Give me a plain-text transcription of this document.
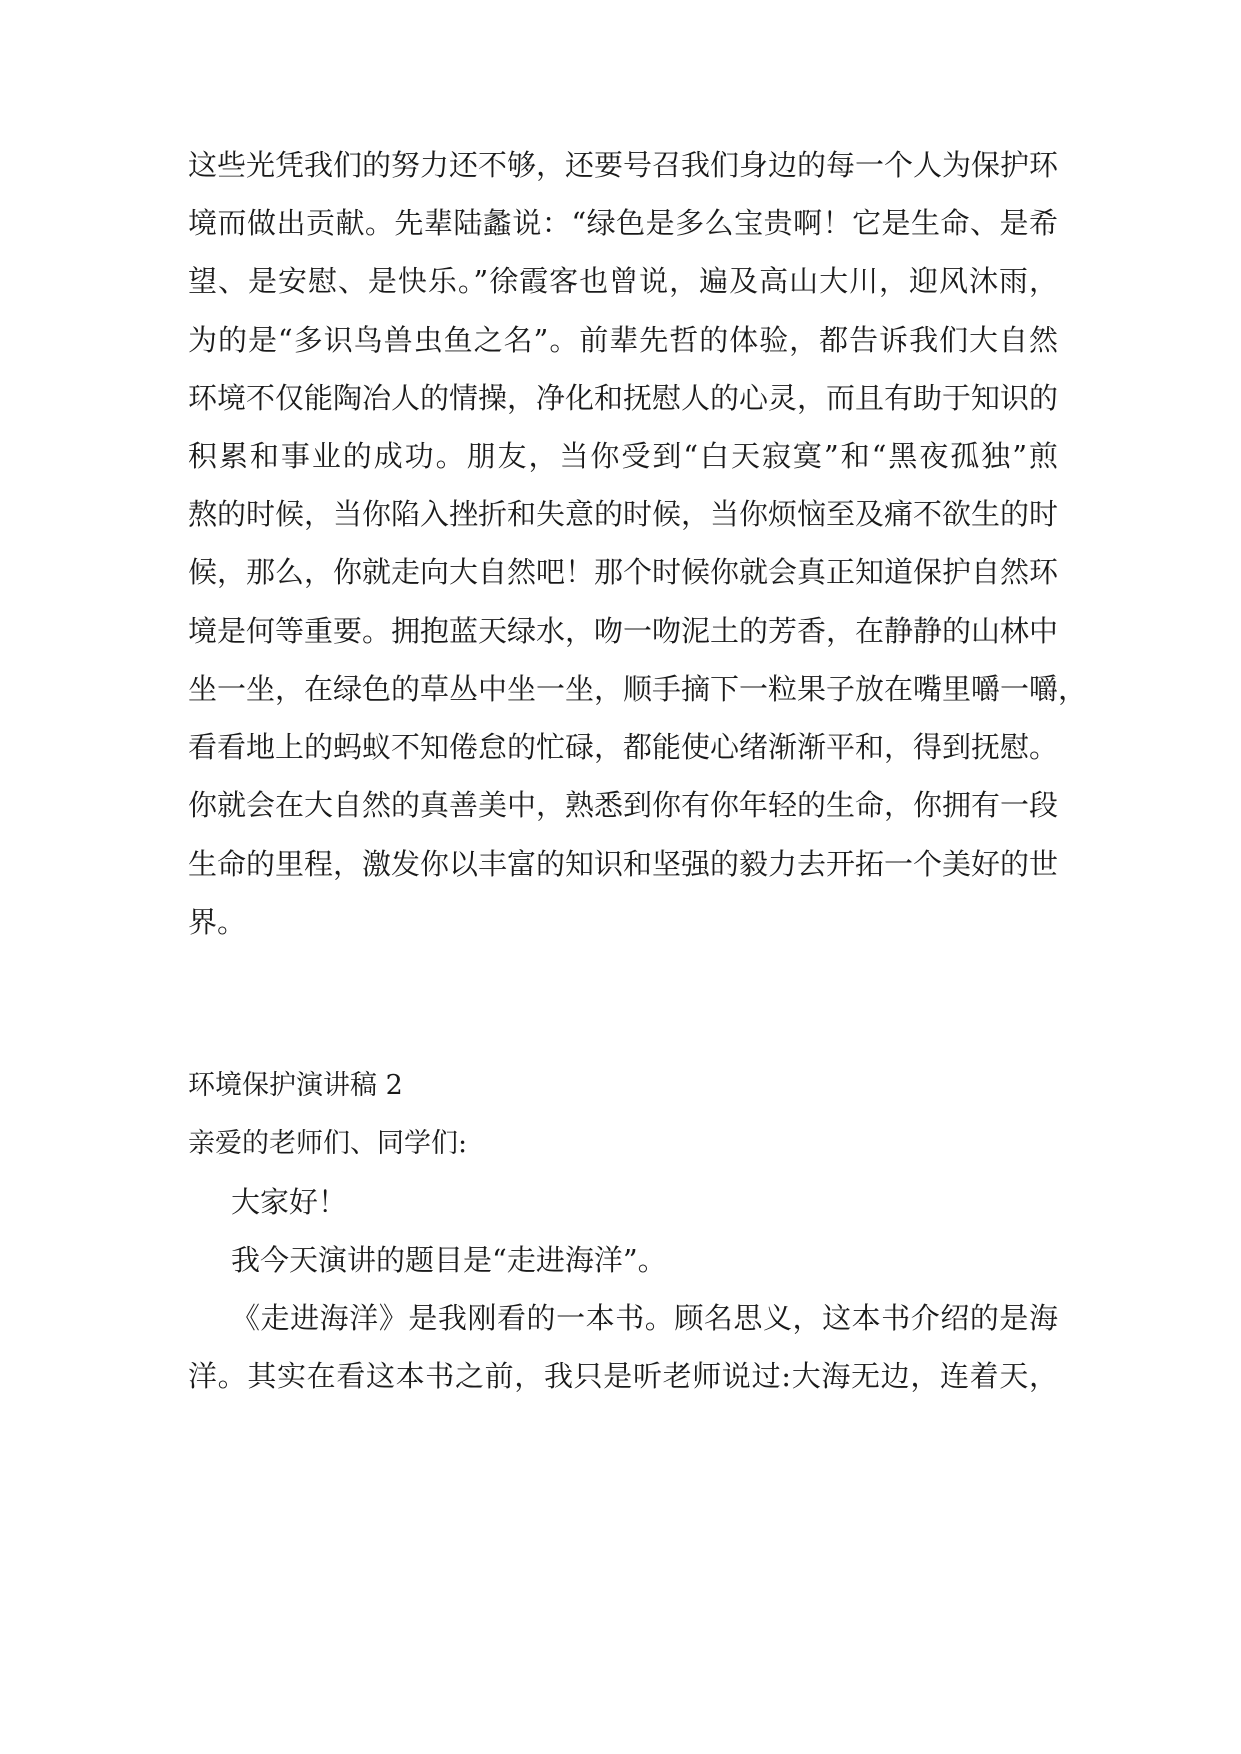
这些光凭我们的努力还不够，还要号召我们身边的每一个人为保护环
境而做出贡献。先辈陆蠡说：“绿色是多么宝贵啊！它是生命、是希
望、是安慰、是快乐。”徐霞客也曾说，遍及高山大川，迎风沐雨，
为的是“多识鸟兽虫鱼之名”。前辈先哲的体验，都告诉我们大自然
环境不仅能陶冶人的情操，净化和抚慰人的心灵，而且有助于知识的
积累和事业的成功。朋友，当你受到“白天寂寞”和“黑夜孤独”煎
熬的时候，当你陷入挫折和失意的时候，当你烦恼至及痛不欲生的时
候，那么，你就走向大自然吧！那个时候你就会真正知道保护自然环
境是何等重要。拥抱蓝天绿水，吻一吻泥土的芳香，在静静的山林中
坐一坐，在绿色的草丛中坐一坐，顺手摘下一粒果子放在嘴里嚼一嚼，
看看地上的蚂蚁不知倦怠的忙碌，都能使心绪渐渐平和，得到抚慰。
你就会在大自然的真善美中，熟悉到你有你年轻的生命，你拥有一段
生命的里程，激发你以丰富的知识和坚强的毅力去开拓一个美好的世
界。
环境保护演讲稿 2
亲爱的老师们、同学们:
大家好！
我今天演讲的题目是“走进海洋”。
《走进海洋》是我刚看的一本书。顾名思义，这本书介绍的是海
洋。其实在看这本书之前，我只是听老师说过:大海无边，连着天，
